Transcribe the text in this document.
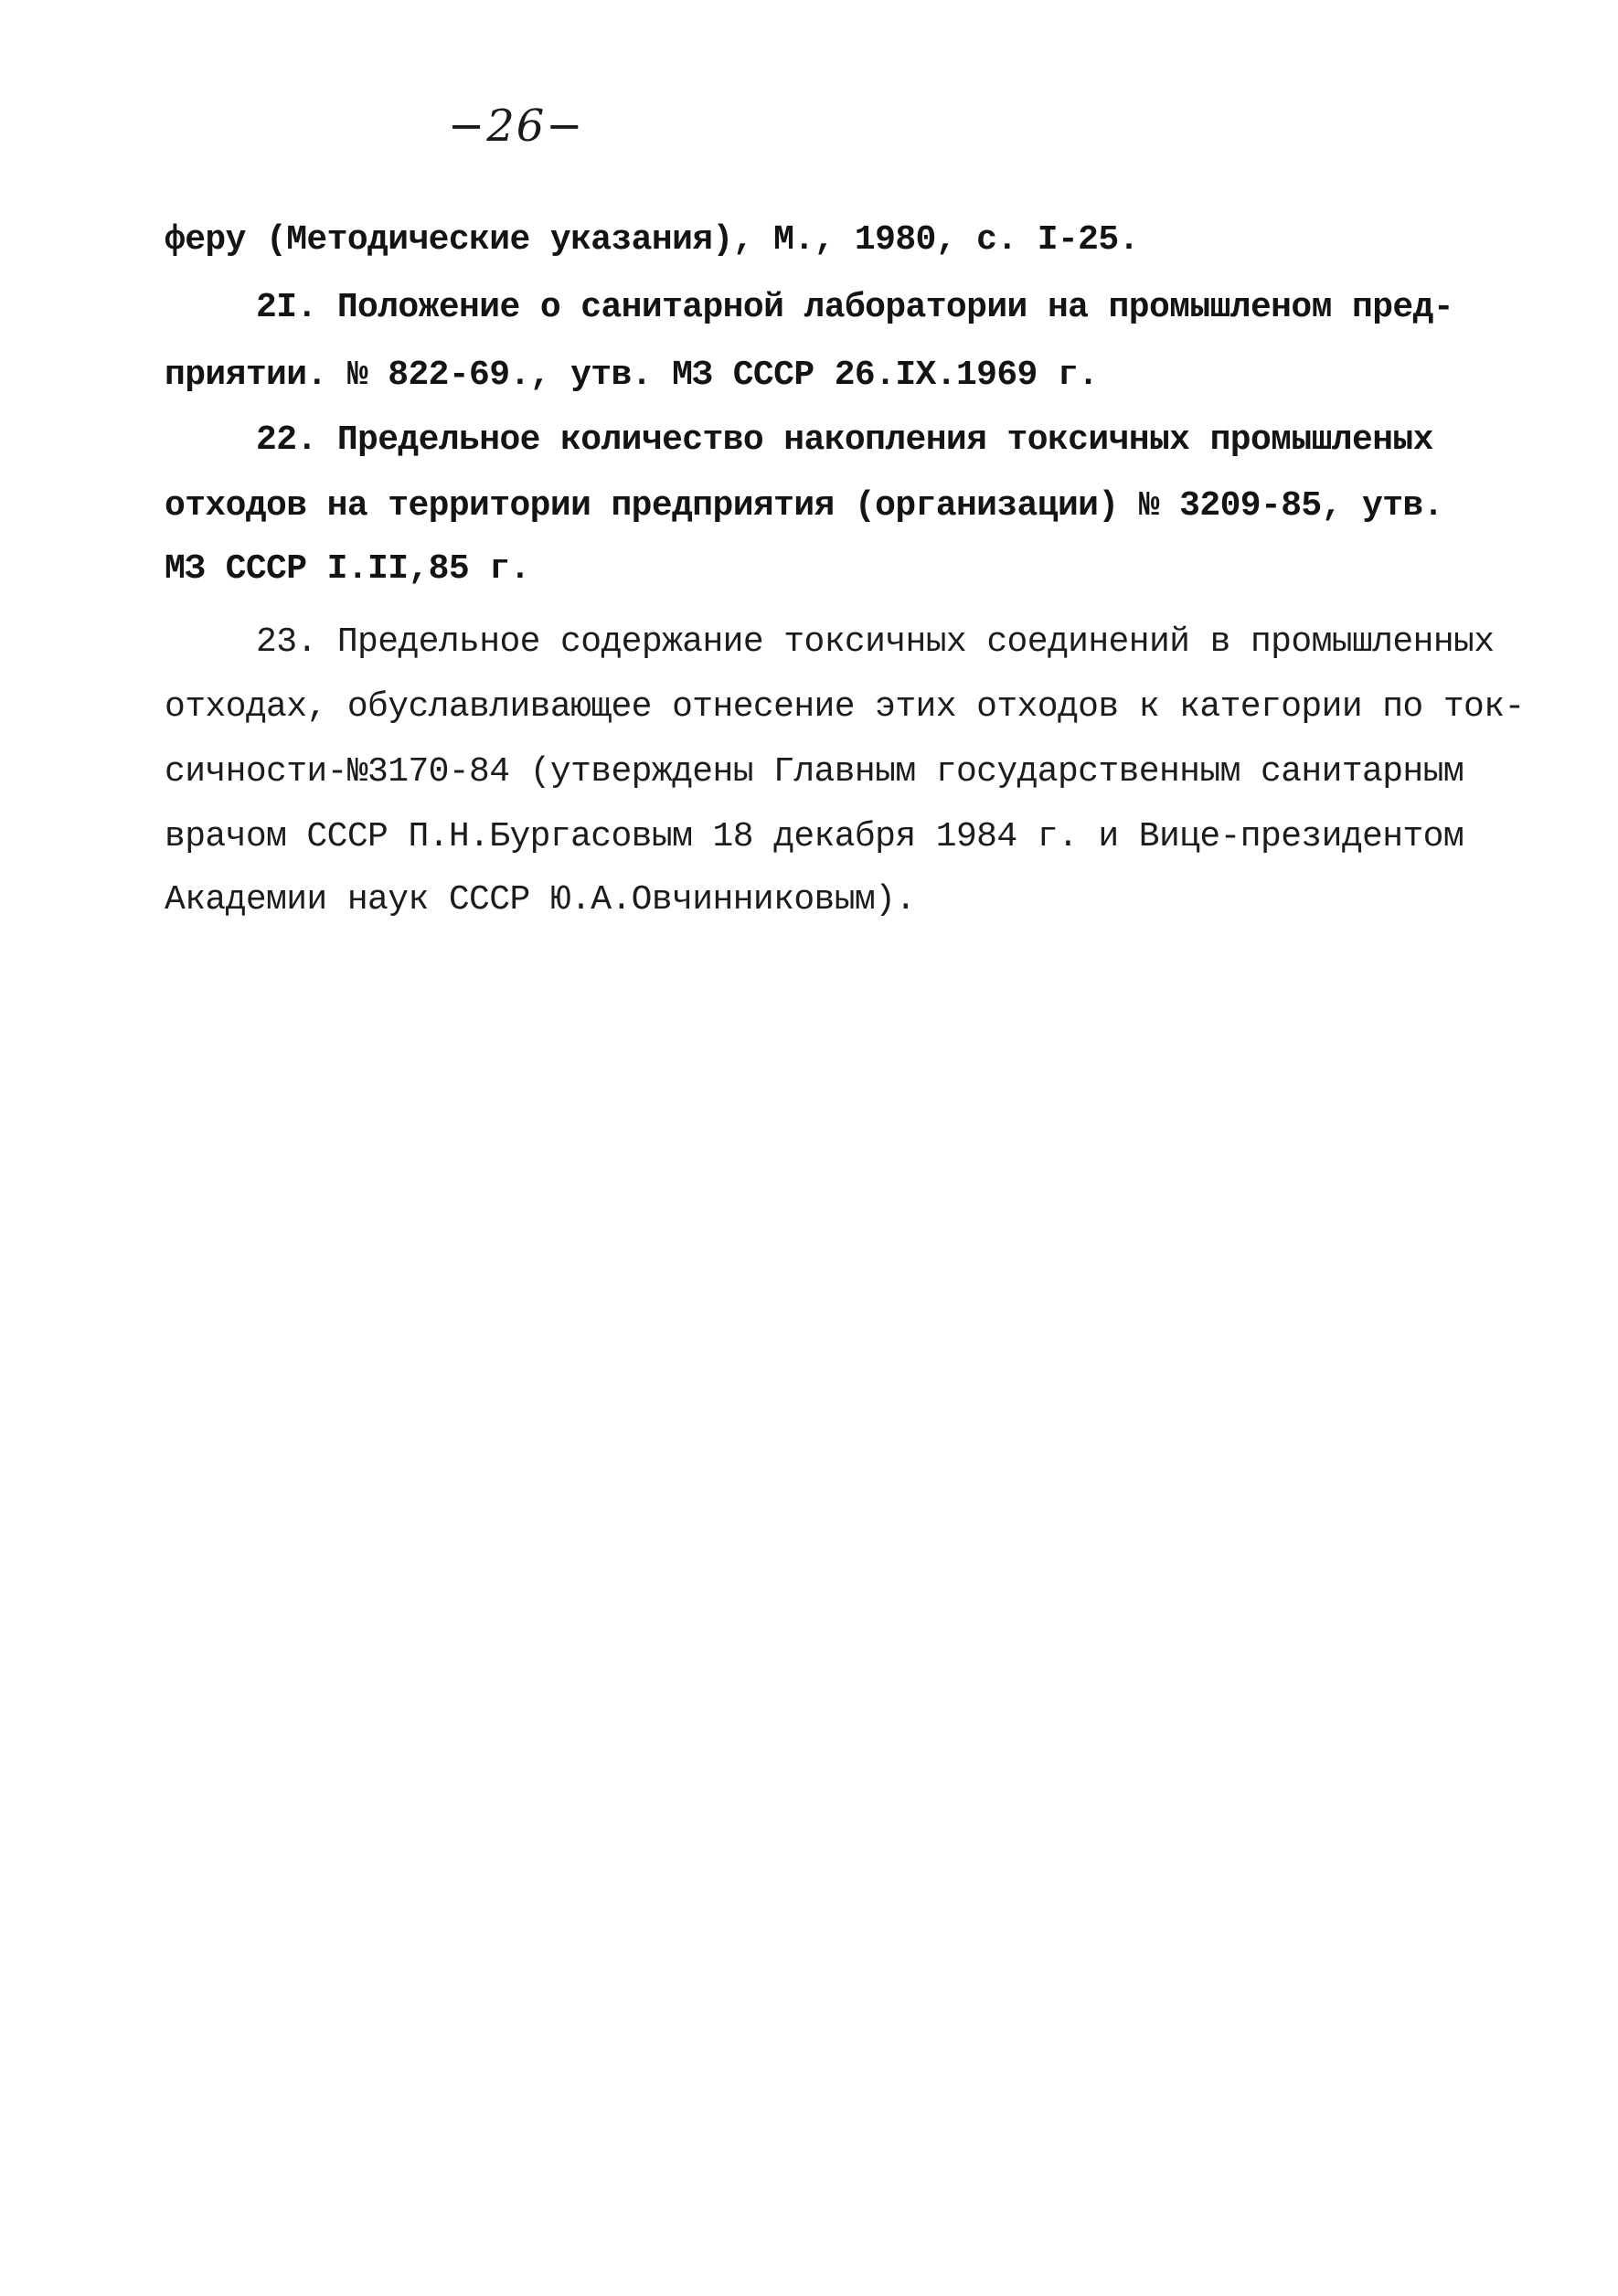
−26−
феру (Методические указания), М., 1980, с. I-25.
2I. Положение о санитарной лаборатории на промышленом пред-
приятии. № 822-69., утв. МЗ СССР 26.IX.1969 г.
22. Предельное количество накопления токсичных промышленых
отходов на территории предприятия (организации) № 3209-85, утв.
МЗ СССР I.II,85 г.
23. Предельное содержание токсичных соединений в промышленных
отходах, обуславливающее отнесение этих отходов к категории по ток-
сичности-№3170-84 (утверждены Главным государственным санитарным
врачом СССР П.Н.Бургасовым 18 декабря 1984 г. и Вице-президентом
Академии наук СССР Ю.А.Овчинниковым).
